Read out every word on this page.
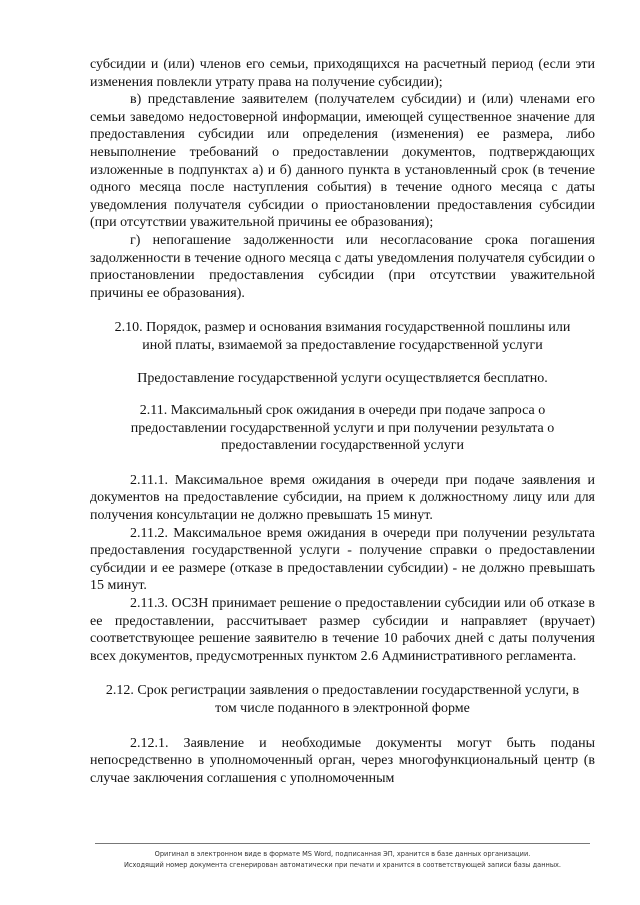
субсидии и (или) членов его семьи, приходящихся на расчетный период (если эти изменения повлекли утрату права на получение субсидии);

в) представление заявителем (получателем субсидии) и (или) членами его семьи заведомо недостоверной информации, имеющей существенное значение для предоставления субсидии или определения (изменения) ее размера, либо невыполнение требований о предоставлении документов, подтверждающих изложенные в подпунктах а) и б) данного пункта в установленный срок (в течение одного месяца после наступления события) в течение одного месяца с даты уведомления получателя субсидии о приостановлении предоставления субсидии (при отсутствии уважительной причины ее образования);

г) непогашение задолженности или несогласование срока погашения задолженности в течение одного месяца с даты уведомления получателя субсидии о приостановлении предоставления субсидии (при отсутствии уважительной причины ее образования).

2.10. Порядок, размер и основания взимания государственной пошлины или иной платы, взимаемой за предоставление государственной услуги

Предоставление государственной услуги осуществляется бесплатно.

2.11. Максимальный срок ожидания в очереди при подаче запроса о предоставлении государственной услуги и при получении результата о предоставлении государственной услуги

2.11.1. Максимальное время ожидания в очереди при подаче заявления и документов на предоставление субсидии, на прием к должностному лицу или для получения консультации не должно превышать 15 минут.

2.11.2. Максимальное время ожидания в очереди при получении результата предоставления государственной услуги - получение справки о предоставлении субсидии и ее размере (отказе в предоставлении субсидии) - не должно превышать 15 минут.

2.11.3. ОСЗН принимает решение о предоставлении субсидии или об отказе в ее предоставлении, рассчитывает размер субсидии и направляет (вручает) соответствующее решение заявителю в течение 10 рабочих дней с даты получения всех документов, предусмотренных пунктом 2.6 Административного регламента.

2.12. Срок регистрации заявления о предоставлении государственной услуги, в том числе поданного в электронной форме

2.12.1. Заявление и необходимые документы могут быть поданы непосредственно в уполномоченный орган, через многофункциональный центр (в случае заключения соглашения с уполномоченным

Оригинал в электронном виде в формате MS Word, подписанная ЭП, хранится в базе данных организации.
Исходящий номер документа сгенерирован автоматически при печати и хранится в соответствующей записи базы данных.
